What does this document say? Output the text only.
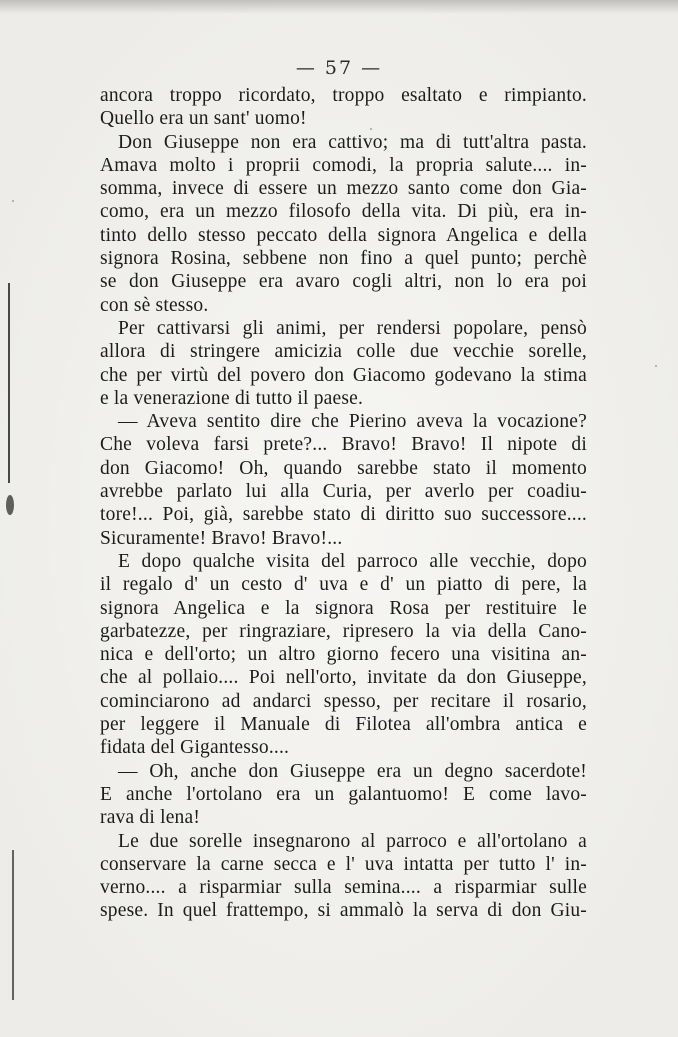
— 57 —
ancora troppo ricordato, troppo esaltato e rimpianto.
Quello era un sant' uomo!
Don Giuseppe non era cattivo; ma di tutt'altra pasta.
Amava molto i proprii comodi, la propria salute.... in-
somma, invece di essere un mezzo santo come don Gia-
como, era un mezzo filosofo della vita. Di più, era in-
tinto dello stesso peccato della signora Angelica e della
signora Rosina, sebbene non fino a quel punto; perchè
se don Giuseppe era avaro cogli altri, non lo era poi
con sè stesso.
Per cattivarsi gli animi, per rendersi popolare, pensò
allora di stringere amicizia colle due vecchie sorelle,
che per virtù del povero don Giacomo godevano la stima
e la venerazione di tutto il paese.
— Aveva sentito dire che Pierino aveva la vocazione?
Che voleva farsi prete?... Bravo! Bravo! Il nipote di
don Giacomo! Oh, quando sarebbe stato il momento
avrebbe parlato lui alla Curia, per averlo per coadiu-
tore!... Poi, già, sarebbe stato di diritto suo successore....
Sicuramente! Bravo! Bravo!...
E dopo qualche visita del parroco alle vecchie, dopo
il regalo d' un cesto d' uva e d' un piatto di pere, la
signora Angelica e la signora Rosa per restituire le
garbatezze, per ringraziare, ripresero la via della Cano-
nica e dell'orto; un altro giorno fecero una visitina an-
che al pollaio.... Poi nell'orto, invitate da don Giuseppe,
cominciarono ad andarci spesso, per recitare il rosario,
per leggere il Manuale di Filotea all'ombra antica e
fidata del Gigantesso....
— Oh, anche don Giuseppe era un degno sacerdote!
E anche l'ortolano era un galantuomo! E come lavo-
rava di lena!
Le due sorelle insegnarono al parroco e all'ortolano a
conservare la carne secca e l' uva intatta per tutto l' in-
verno.... a risparmiar sulla semina.... a risparmiar sulle
spese. In quel frattempo, si ammalò la serva di don Giu-
